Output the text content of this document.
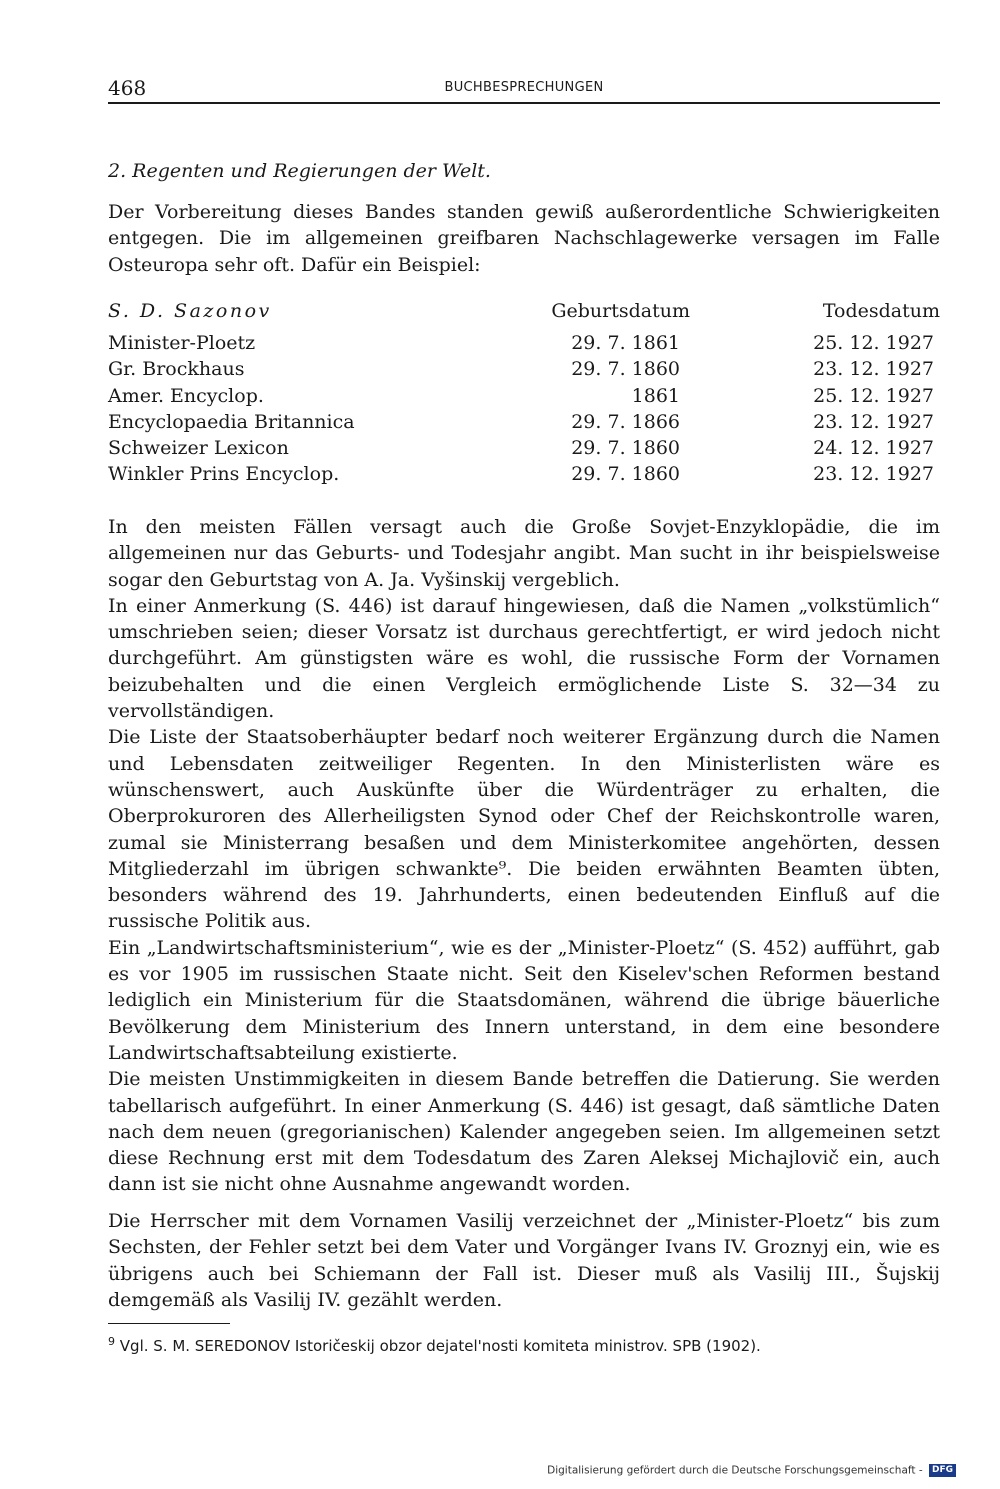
468	BUCHBESPRECHUNGEN
2. Regenten und Regierungen der Welt.

Der Vorbereitung dieses Bandes standen gewiß außerordentliche Schwierigkeiten entgegen. Die im allgemeinen greifbaren Nachschlagewerke versagen im Falle Osteuropa sehr oft. Dafür ein Beispiel:

S. D. Sazonov	Geburtsdatum	Todesdatum
Minister-Ploetz	29. 7. 1861	25. 12. 1927
Gr. Brockhaus	29. 7. 1860	23. 12. 1927
Amer. Encyclop.	1861	25. 12. 1927
Encyclopaedia Britannica	29. 7. 1866	23. 12. 1927
Schweizer Lexicon	29. 7. 1860	24. 12. 1927
Winkler Prins Encyclop.	29. 7. 1860	23. 12. 1927

In den meisten Fällen versagt auch die Große Sovjet-Enzyklopädie, die im allgemeinen nur das Geburts- und Todesjahr angibt. Man sucht in ihr beispielsweise sogar den Geburtstag von A. Ja. Vyšinskij vergeblich.

In einer Anmerkung (S. 446) ist darauf hingewiesen, daß die Namen „volkstümlich“ umschrieben seien; dieser Vorsatz ist durchaus gerechtfertigt, er wird jedoch nicht durchgeführt. Am günstigsten wäre es wohl, die russische Form der Vornamen beizubehalten und die einen Vergleich ermöglichende Liste S. 32—34 zu vervollständigen.

Die Liste der Staatsoberhäupter bedarf noch weiterer Ergänzung durch die Namen und Lebensdaten zeitweiliger Regenten. In den Ministerlisten wäre es wünschenswert, auch Auskünfte über die Würdenträger zu erhalten, die Oberprokuroren des Allerheiligsten Synod oder Chef der Reichskontrolle waren, zumal sie Ministerrang besaßen und dem Ministerkomitee angehörten, dessen Mitgliederzahl im übrigen schwankte⁹. Die beiden erwähnten Beamten übten, besonders während des 19. Jahrhunderts, einen bedeutenden Einfluß auf die russische Politik aus.

Ein „Landwirtschaftsministerium“, wie es der „Minister-Ploetz“ (S. 452) aufführt, gab es vor 1905 im russischen Staate nicht. Seit den Kiselev'schen Reformen bestand lediglich ein Ministerium für die Staatsdomänen, während die übrige bäuerliche Bevölkerung dem Ministerium des Innern unterstand, in dem eine besondere Landwirtschaftsabteilung existierte.

Die meisten Unstimmigkeiten in diesem Bande betreffen die Datierung. Sie werden tabellarisch aufgeführt. In einer Anmerkung (S. 446) ist gesagt, daß sämtliche Daten nach dem neuen (gregorianischen) Kalender angegeben seien. Im allgemeinen setzt diese Rechnung erst mit dem Todesdatum des Zaren Aleksej Michajlovič ein, auch dann ist sie nicht ohne Ausnahme angewandt worden.

Die Herrscher mit dem Vornamen Vasilij verzeichnet der „Minister-Ploetz“ bis zum Sechsten, der Fehler setzt bei dem Vater und Vorgänger Ivans IV. Groznyj ein, wie es übrigens auch bei Schiemann der Fall ist. Dieser muß als Vasilij III., Šujskij demgemäß als Vasilij IV. gezählt werden.

$^9$ Vgl. S. M. SEREDONOV Istoričeskij obzor dejatel'nosti komiteta ministrov. SPB (1902).
Digitalisierung gefördert durch die Deutsche Forschungsgemeinschaft - DFG
